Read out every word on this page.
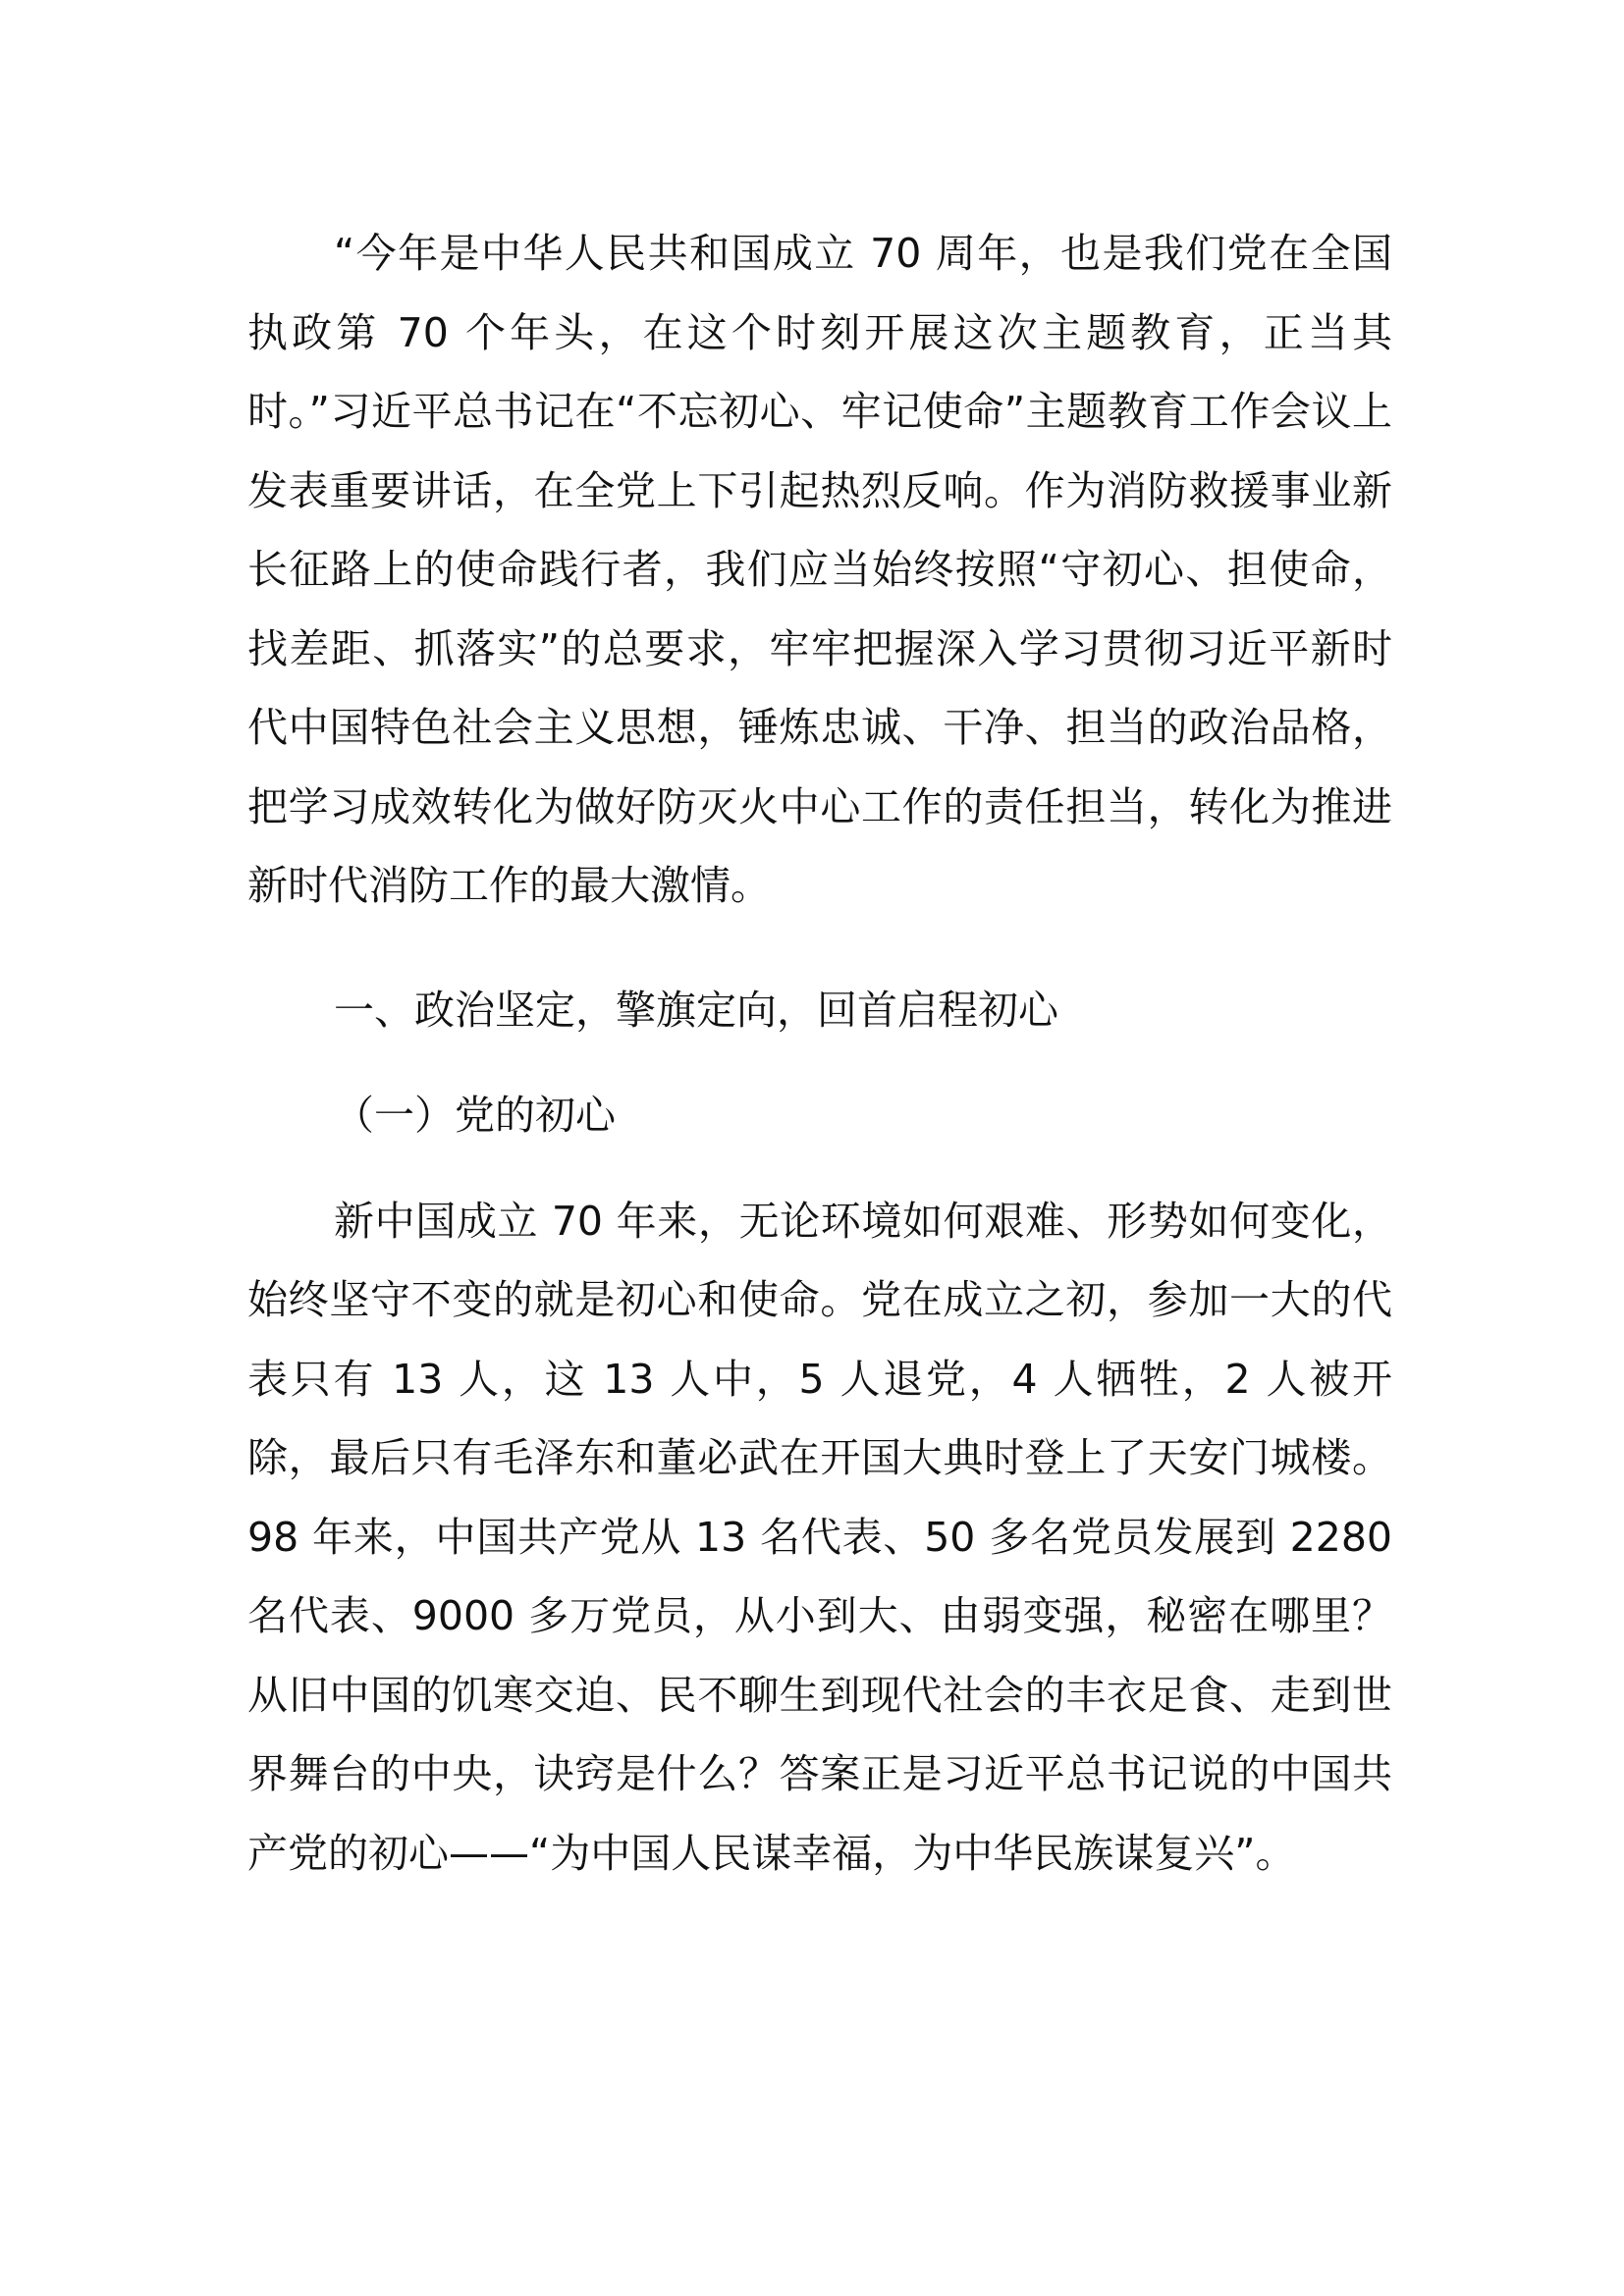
“今年是中华人民共和国成立 70 周年，也是我们党在全国执政第 70 个年头，在这个时刻开展这次主题教育，正当其时。”习近平总书记在“不忘初心、牢记使命”主题教育工作会议上发表重要讲话，在全党上下引起热烈反响。作为消防救援事业新长征路上的使命践行者，我们应当始终按照“守初心、担使命，找差距、抓落实”的总要求，牢牢把握深入学习贯彻习近平新时代中国特色社会主义思想，锤炼忠诚、干净、担当的政治品格，把学习成效转化为做好防灭火中心工作的责任担当，转化为推进新时代消防工作的最大激情。

一、政治坚定，擎旗定向，回首启程初心

（一）党的初心

新中国成立 70 年来，无论环境如何艰难、形势如何变化，始终坚守不变的就是初心和使命。党在成立之初，参加一大的代表只有 13 人，这 13 人中，5 人退党，4 人牺牲，2 人被开除，最后只有毛泽东和董必武在开国大典时登上了天安门城楼。98 年来，中国共产党从 13 名代表、50 多名党员发展到 2280 名代表、9000 多万党员，从小到大、由弱变强，秘密在哪里？从旧中国的饥寒交迫、民不聊生到现代社会的丰衣足食、走到世界舞台的中央，诀窍是什么？答案正是习近平总书记说的中国共产党的初心——“为中国人民谋幸福，为中华民族谋复兴”。
